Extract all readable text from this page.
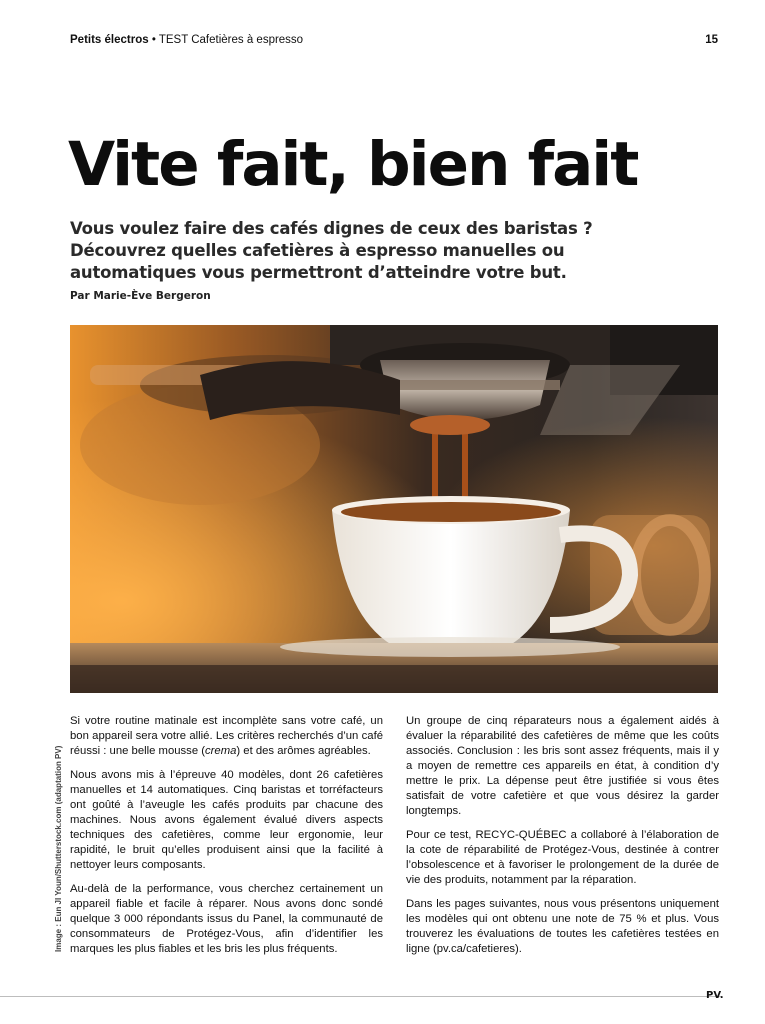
Petits électros • TEST Cafetières à espresso	15
Vite fait, bien fait

Vous voulez faire des cafés dignes de ceux des baristas ? Découvrez quelles cafetières à espresso manuelles ou automatiques vous permettront d’atteindre votre but.

Par Marie-Ève Bergeron

Image : Eun JI Youn/Shutterstock.com (adaptation PV)

Si votre routine matinale est incomplète sans votre café, un bon appareil sera votre allié. Les critères recherchés d’un café réussi : une belle mousse (crema) et des arômes agréables.

Nous avons mis à l’épreuve 40 modèles, dont 26 cafetières manuelles et 14 automatiques. Cinq baristas et torréfacteurs ont goûté à l’aveugle les cafés produits par chacune des machines. Nous avons également évalué divers aspects techniques des cafetières, comme leur ergonomie, leur rapidité, le bruit qu’elles produisent ainsi que la facilité à nettoyer leurs composants.

Au-delà de la performance, vous cherchez certainement un appareil fiable et facile à réparer. Nous avons donc sondé quelque 3 000 répondants issus du Panel, la communauté de consommateurs de Protégez-Vous, afin d’identifier les marques les plus fiables et les bris les plus fréquents.

Un groupe de cinq réparateurs nous a également aidés à évaluer la réparabilité des cafetières de même que les coûts associés. Conclusion : les bris sont assez fréquents, mais il y a moyen de remettre ces appareils en état, à condition d’y mettre le prix. La dépense peut être justifiée si vous êtes satisfait de votre cafetière et que vous désirez la garder longtemps.

Pour ce test, RECYC-QUÉBEC a collaboré à l’élaboration de la cote de réparabilité de Protégez-Vous, destinée à contrer l’obsolescence et à favoriser le prolongement de la durée de vie des produits, notamment par la réparation.

Dans les pages suivantes, nous vous présentons uniquement les modèles qui ont obtenu une note de 75 % et plus. Vous trouverez les évaluations de toutes les cafetières testées en ligne (pv.ca/cafetieres).

PV.
